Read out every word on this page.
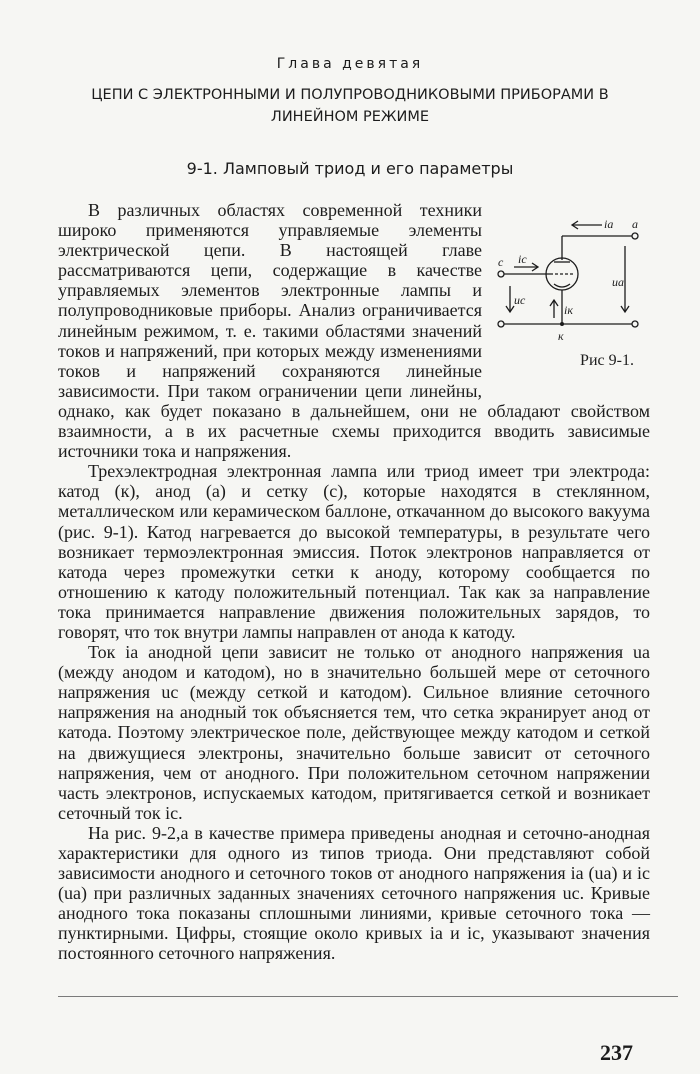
Глава девятая
ЦЕПИ С ЭЛЕКТРОННЫМИ И ПОЛУПРОВОДНИКОВЫМИ ПРИБОРАМИ В ЛИНЕЙНОМ РЕЖИМЕ
9-1. Ламповый триод и его параметры

а
iа
с iс
к
iк
uс
uа
Рис 9-1.
В различных областях современной техники широко применяются управляемые элементы электрической цепи. В настоящей главе рассматриваются цепи, содержащие в качестве управляемых элементов электронные лампы и полупроводниковые приборы. Анализ ограничивается линейным режимом, т. е. такими областями значений токов и напряжений, при которых между изменениями токов и напряжений сохраняются линейные зависимости. При таком ограничении цепи линейны, однако, как будет показано в дальнейшем, они не обладают свойством взаимности, а в их расчетные схемы приходится вводить зависимые источники тока и напряжения.

Трехэлектродная электронная лампа или триод имеет три электрода: катод (к), анод (а) и сетку (с), которые находятся в стеклянном, металлическом или керамическом баллоне, откачанном до высокого вакуума (рис. 9-1). Катод нагревается до высокой температуры, в результате чего возникает термоэлектронная эмиссия. Поток электронов направляется от катода через промежутки сетки к аноду, которому сообщается по отношению к катоду положительный потенциал. Так как за направление тока принимается направление движения положительных зарядов, то говорят, что ток внутри лампы направлен от анода к катоду.

Ток iа анодной цепи зависит не только от анодного напряжения uа (между анодом и катодом), но в значительно большей мере от сеточного напряжения uс (между сеткой и катодом). Сильное влияние сеточного напряжения на анодный ток объясняется тем, что сетка экранирует анод от катода. Поэтому электрическое поле, действующее между катодом и сеткой на движущиеся электроны, значительно больше зависит от сеточного напряжения, чем от анодного. При положительном сеточном напряжении часть электронов, испускаемых катодом, притягивается сеткой и возникает сеточный ток iс.

На рис. 9-2,а в качестве примера приведены анодная и сеточно-анодная характеристики для одного из типов триода. Они представляют собой зависимости анодного и сеточного токов от анодного напряжения iа (uа) и iс (uа) при различных заданных значениях сеточного напряжения uс. Кривые анодного тока показаны сплошными линиями, кривые сеточного тока — пунктирными. Цифры, стоящие около кривых iа и iс, указывают значения постоянного сеточного напряжения.

237
